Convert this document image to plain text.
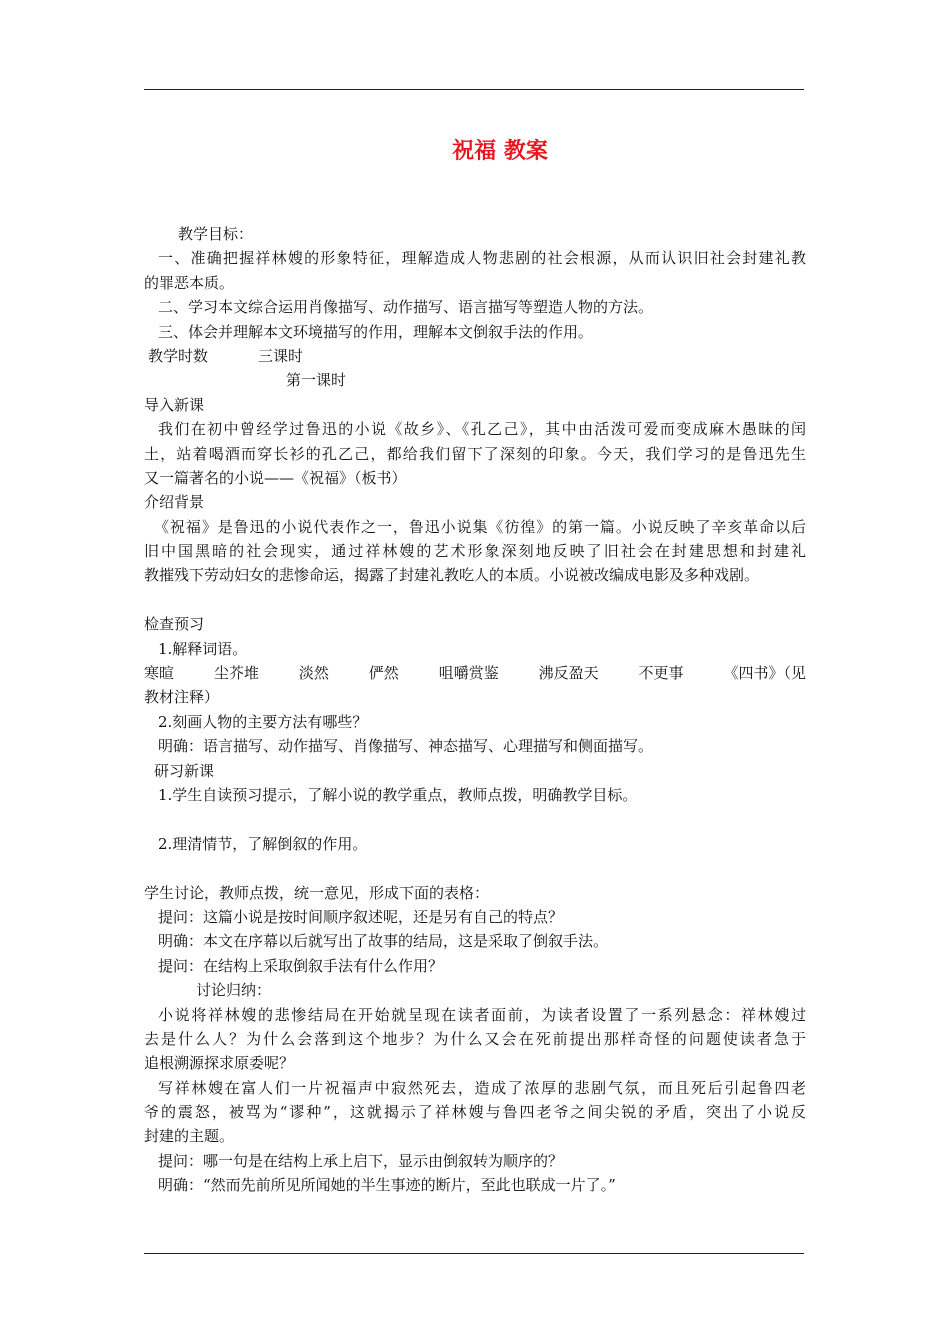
祝福 教案
教学目标：
一、准确把握祥林嫂的形象特征，理解造成人物悲剧的社会根源，从而认识旧社会封建礼教
的罪恶本质。
二、学习本文综合运用肖像描写、动作描写、语言描写等塑造人物的方法。
三、体会并理解本文环境描写的作用，理解本文倒叙手法的作用。
教学时数	三课时
第一课时
导入新课
我们在初中曾经学过鲁迅的小说《故乡》、《孔乙己》，其中由活泼可爱而变成麻木愚昧的闰
土，站着喝酒而穿长衫的孔乙己，都给我们留下了深刻的印象。今天，我们学习的是鲁迅先生
又一篇著名的小说——《祝福》（板书）
介绍背景
《祝福》是鲁迅的小说代表作之一，鲁迅小说集《彷徨》的第一篇。小说反映了辛亥革命以后
旧中国黑暗的社会现实，通过祥林嫂的艺术形象深刻地反映了旧社会在封建思想和封建礼
教摧残下劳动妇女的悲惨命运，揭露了封建礼教吃人的本质。小说被改编成电影及多种戏剧。
检查预习
1.解释词语。
寒暄	尘芥堆	淡然	俨然	咀嚼赏鉴	沸反盈天	不更事	《四书》（见
教材注释）
2.刻画人物的主要方法有哪些？
明确：语言描写、动作描写、肖像描写、神态描写、心理描写和侧面描写。
研习新课
1.学生自读预习提示，了解小说的教学重点，教师点拨，明确教学目标。
2.理清情节，了解倒叙的作用。
学生讨论，教师点拨，统一意见，形成下面的表格：
提问：这篇小说是按时间顺序叙述呢，还是另有自己的特点？
明确：本文在序幕以后就写出了故事的结局，这是采取了倒叙手法。
提问：在结构上采取倒叙手法有什么作用？
讨论归纳：
小说将祥林嫂的悲惨结局在开始就呈现在读者面前，为读者设置了一系列悬念：祥林嫂过
去是什么人？为什么会落到这个地步？为什么又会在死前提出那样奇怪的问题使读者急于
追根溯源探求原委呢？
写祥林嫂在富人们一片祝福声中寂然死去，造成了浓厚的悲剧气氛，而且死后引起鲁四老
爷的震怒，被骂为“谬种”，这就揭示了祥林嫂与鲁四老爷之间尖锐的矛盾，突出了小说反
封建的主题。
提问：哪一句是在结构上承上启下，显示由倒叙转为顺序的？
明确：“然而先前所见所闻她的半生事迹的断片，至此也联成一片了。”
